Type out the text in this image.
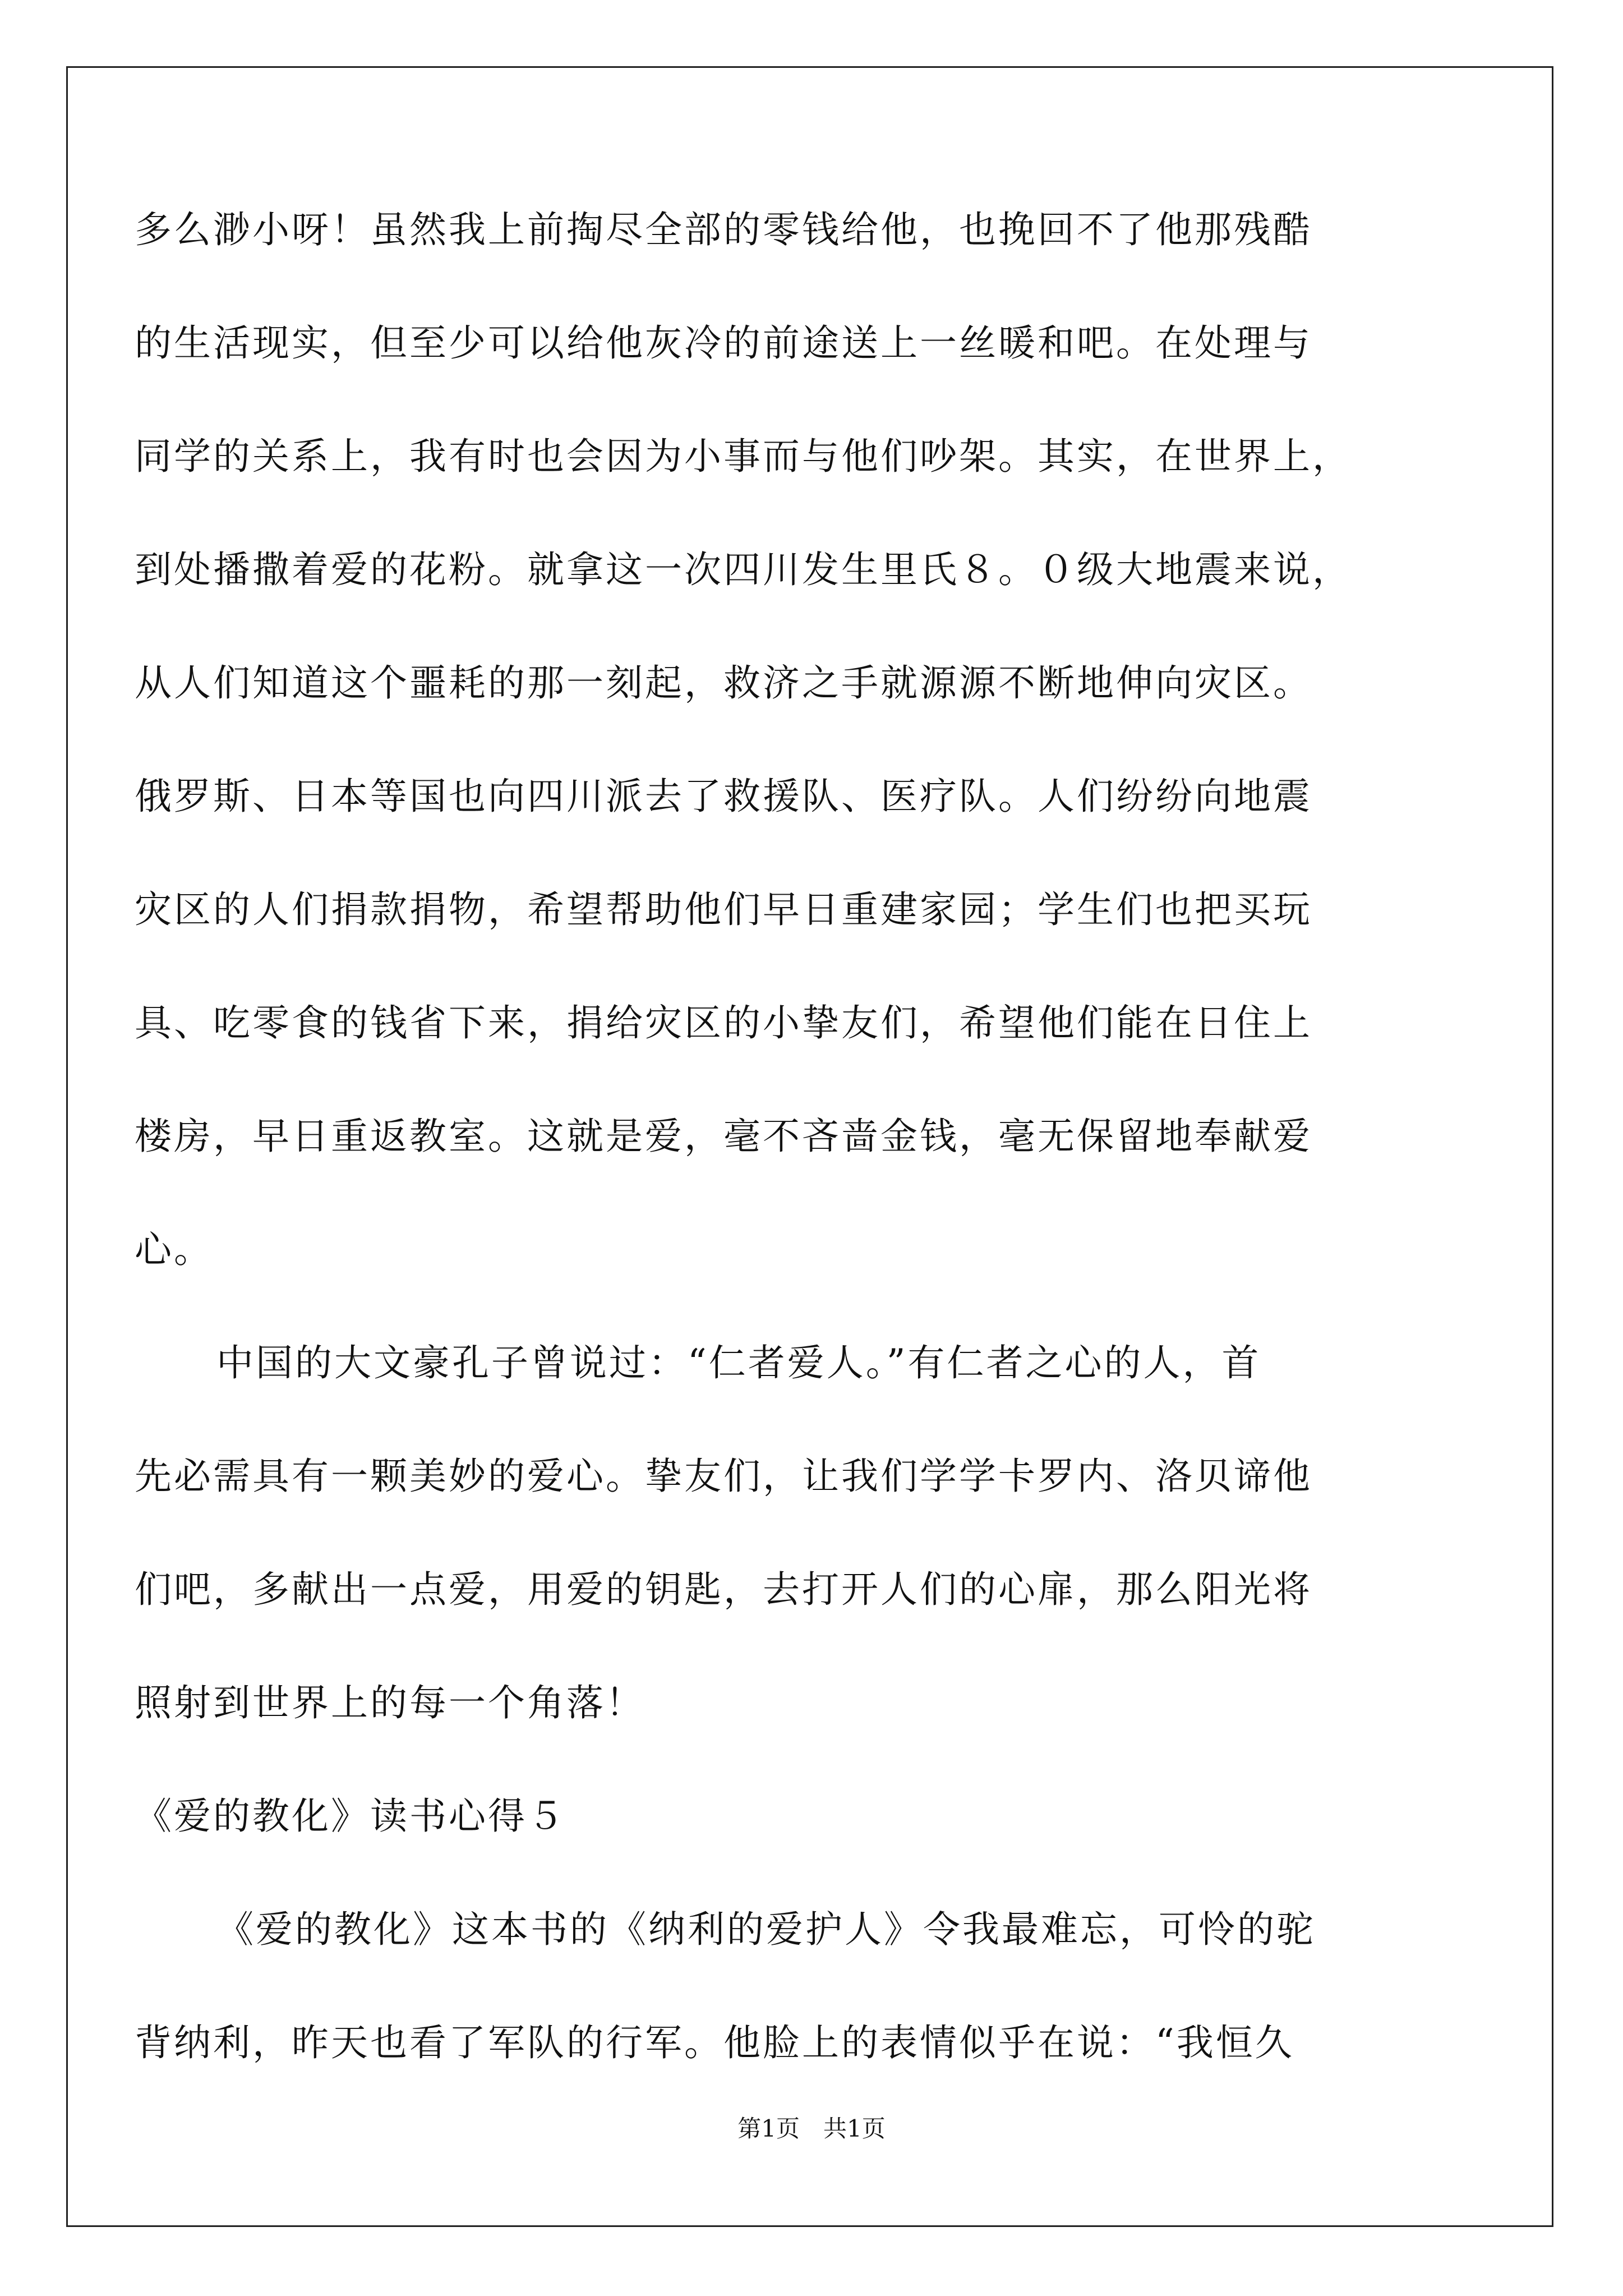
多么渺小呀！虽然我上前掏尽全部的零钱给他，也挽回不了他那残酷
的生活现实，但至少可以给他灰冷的前途送上一丝暖和吧。在处理与
同学的关系上，我有时也会因为小事而与他们吵架。其实，在世界上，
到处播撒着爱的花粉。就拿这一次四川发生里氏８。０级大地震来说，
从人们知道这个噩耗的那一刻起，救济之手就源源不断地伸向灾区。
俄罗斯、日本等国也向四川派去了救援队、医疗队。人们纷纷向地震
灾区的人们捐款捐物，希望帮助他们早日重建家园；学生们也把买玩
具、吃零食的钱省下来，捐给灾区的小挚友们，希望他们能在日住上
楼房，早日重返教室。这就是爱，毫不吝啬金钱，毫无保留地奉献爱
心。
中国的大文豪孔子曾说过：“仁者爱人。”有仁者之心的人，首
先必需具有一颗美妙的爱心。挚友们，让我们学学卡罗内、洛贝谛他
们吧，多献出一点爱，用爱的钥匙，去打开人们的心扉，那么阳光将
照射到世界上的每一个角落！
《爱的教化》读书心得５
《爱的教化》这本书的《纳利的爱护人》令我最难忘，可怜的驼
背纳利，昨天也看了军队的行军。他脸上的表情似乎在说：“我恒久
第1页　共1页
